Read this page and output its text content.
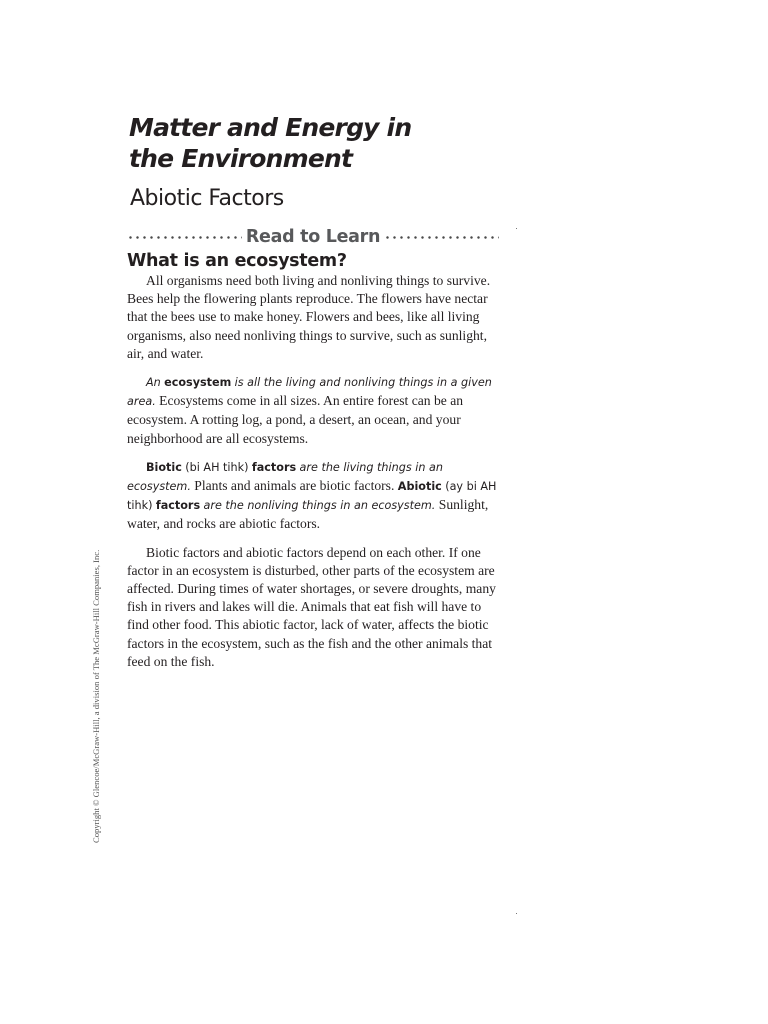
Matter and Energy in
the Environment
Abiotic Factors
Read to Learn
What is an ecosystem?

All organisms need both living and nonliving things to survive. Bees help the flowering plants reproduce. The flowers have nectar that the bees use to make honey. Flowers and bees, like all living organisms, also need nonliving things to survive, such as sunlight, air, and water.

An ecosystem is all the living and nonliving things in a given area. Ecosystems come in all sizes. An entire forest can be an ecosystem. A rotting log, a pond, a desert, an ocean, and your neighborhood are all ecosystems.

Biotic (bi AH tihk) factors are the living things in an ecosystem. Plants and animals are biotic factors. Abiotic (ay bi AH tihk) factors are the nonliving things in an ecosystem. Sunlight, water, and rocks are abiotic factors.

Biotic factors and abiotic factors depend on each other. If one factor in an ecosystem is disturbed, other parts of the ecosystem are affected. During times of water shortages, or severe droughts, many fish in rivers and lakes will die. Animals that eat fish will have to find other food. This abiotic factor, lack of water, affects the biotic factors in the ecosystem, such as the fish and the other animals that feed on the fish.

Copyright © Glencoe/McGraw-Hill, a division of The McGraw-Hill Companies, Inc.
